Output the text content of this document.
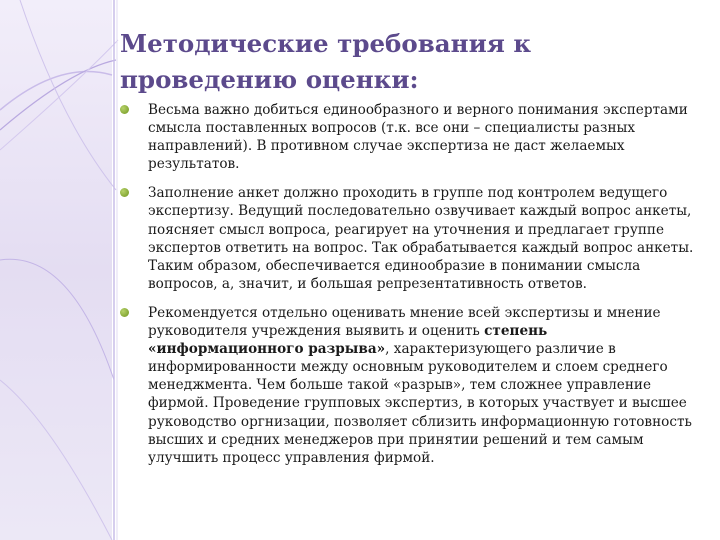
Методические требования к проведению оценки:

Весьма важно добиться единообразного и верного понимания экспертами смысла поставленных вопросов (т.к. все они – специалисты разных направлений). В противном случае экспертиза не даст желаемых результатов.

Заполнение анкет должно проходить в группе под контролем ведущего экспертизу. Ведущий последовательно озвучивает каждый вопрос анкеты, поясняет смысл вопроса, реагирует на уточнения и предлагает группе экспертов ответить на вопрос. Так обрабатывается каждый вопрос анкеты. Таким образом, обеспечивается единообразие в понимании смысла вопросов, а, значит, и большая репрезентативность ответов.

Рекомендуется отдельно оценивать мнение всей экспертизы и мнение руководителя учреждения выявить и оценить степень «информационного разрыва», характеризующего различие в информированности между основным руководителем и слоем среднего менеджмента. Чем больше такой «разрыв», тем сложнее управление фирмой. Проведение групповых экспертиз, в которых участвует и высшее руководство оргнизации, позволяет сблизить информационную готовность высших и средних менеджеров при принятии решений и тем самым улучшить процесс управления фирмой.
